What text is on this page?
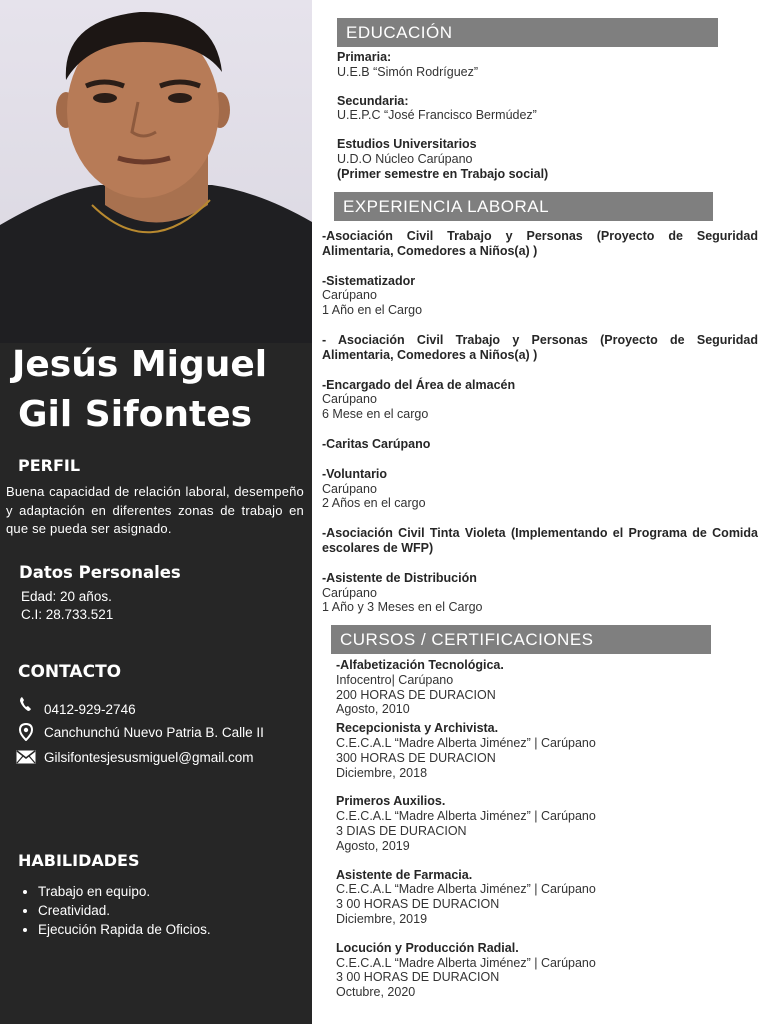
Jesús Miguel
Gil Sifontes
PERFIL
Buena capacidad de relación laboral, desempeño y adaptación en diferentes zonas de trabajo en que se pueda ser asignado.
Datos Personales
Edad: 20 años.
C.I: 28.733.521
CONTACTO
0412-929-2746
Canchunchú Nuevo Patria B. Calle II
Gilsifontesjesusmiguel@gmail.com
HABILIDADES
• Trabajo en equipo.
• Creatividad.
• Ejecución Rapida de Oficios.
EDUCACIÓN
Primaria:
U.E.B “Simón Rodríguez”
Secundaria:
U.E.P.C “José Francisco Bermúdez”
Estudios Universitarios
U.D.O Núcleo Carúpano
(Primer semestre en Trabajo social)
EXPERIENCIA LABORAL
-Asociación Civil Trabajo y Personas (Proyecto de Seguridad Alimentaria, Comedores a Niños(a) )
-Sistematizador
Carúpano
1 Año en el Cargo
- Asociación Civil Trabajo y Personas (Proyecto de Seguridad Alimentaria, Comedores a Niños(a) )
-Encargado del Área de almacén
Carúpano
6 Mese en el cargo
-Caritas Carúpano
-Voluntario
Carúpano
2 Años en el cargo
-Asociación Civil Tinta Violeta (Implementando el Programa de Comida escolares de WFP)
-Asistente de Distribución
Carúpano
1 Año y 3 Meses en el Cargo
CURSOS / CERTIFICACIONES
-Alfabetización Tecnológica.
Infocentro| Carúpano
200 HORAS DE DURACION
Agosto, 2010
Recepcionista y Archivista.
C.E.C.A.L “Madre Alberta Jiménez” | Carúpano
300 HORAS DE DURACION
Diciembre, 2018
Primeros Auxilios.
C.E.C.A.L “Madre Alberta Jiménez” | Carúpano
3 DIAS DE DURACION
Agosto, 2019
Asistente de Farmacia.
C.E.C.A.L “Madre Alberta Jiménez” | Carúpano
3 00 HORAS DE DURACION
Diciembre, 2019
Locución y Producción Radial.
C.E.C.A.L “Madre Alberta Jiménez” | Carúpano
3 00 HORAS DE DURACION
Octubre, 2020
